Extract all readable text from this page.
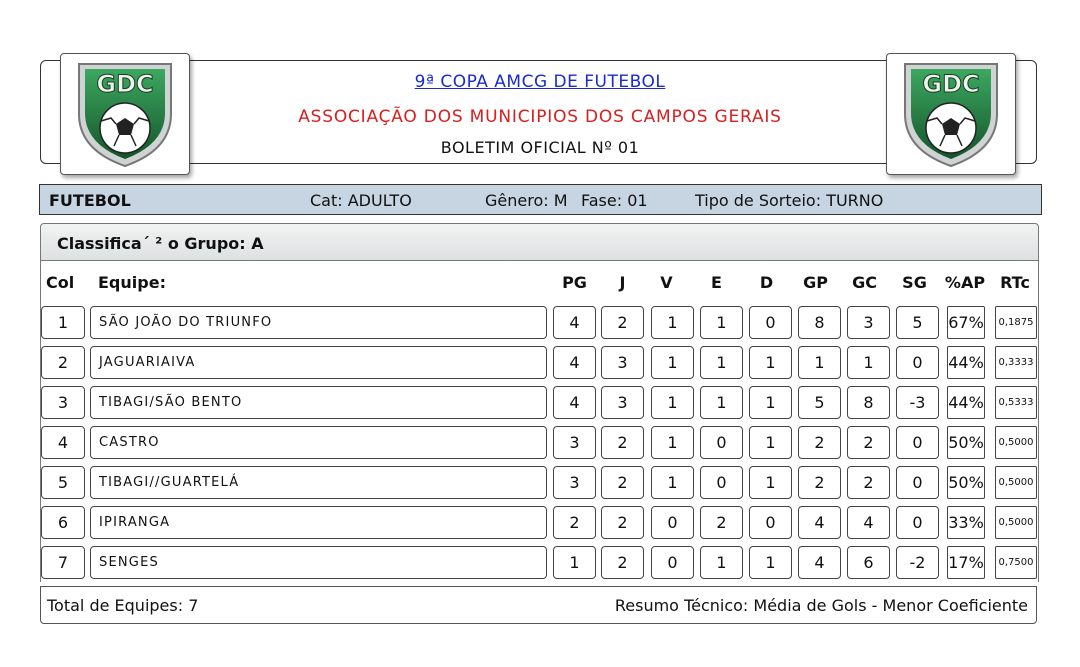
GDC	GDC
9ª COPA AMCG DE FUTEBOL
ASSOCIAÇÃO DOS MUNICIPIOS DOS CAMPOS GERAIS
BOLETIM OFICIAL Nº 01
FUTEBOL	Cat: ADULTO	Gênero: M Fase: 01	Tipo de Sorteio: TURNO
Classifica´ ² o Grupo: A
Col Equipe:	PG	J	V	E	D	GP	GC	SG	%AP RTc
1	SÃO JOÃO DO TRIUNFO	4	2	1	1	0	8	3	5	67%	0,1875
2	JAGUARIAIVA	4	3	1	1	1	1	1	0	44%	0,3333
3	TIBAGI/SÃO BENTO	4	3	1	1	1	5	8	-3	44%	0,5333
4	CASTRO	3	2	1	0	1	2	2	0	50%	0,5000
5	TIBAGI//GUARTELÁ	3	2	1	0	1	2	2	0	50%	0,5000
6	IPIRANGA	2	2	0	2	0	4	4	0	33%	0,5000
7	SENGES	1	2	0	1	1	4	6	-2	17%	0,7500
Total de Equipes: 7	Resumo Técnico: Média de Gols - Menor Coeficiente
